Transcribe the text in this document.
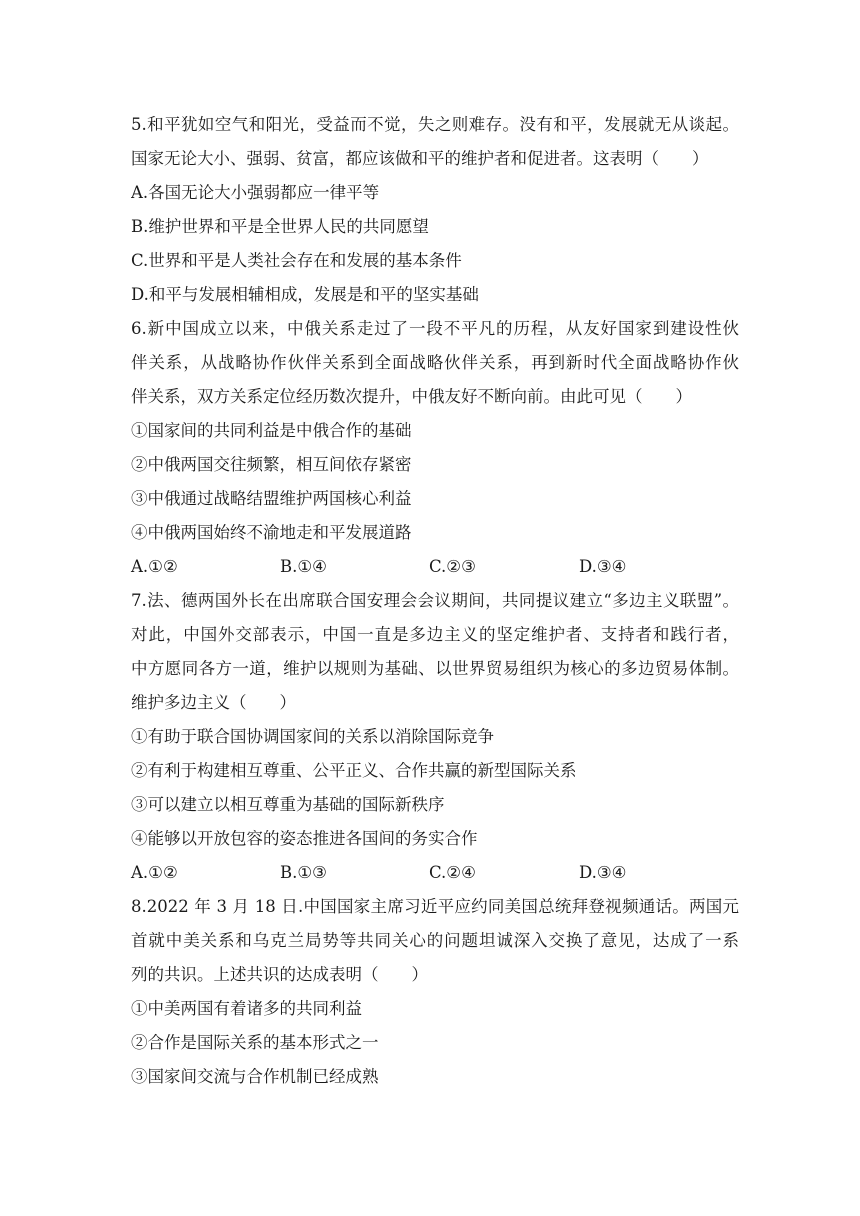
5.和平犹如空气和阳光，受益而不觉，失之则难存。没有和平，发展就无从谈起。
国家无论大小、强弱、贫富，都应该做和平的维护者和促进者。这表明（　　）
A.各国无论大小强弱都应一律平等
B.维护世界和平是全世界人民的共同愿望
C.世界和平是人类社会存在和发展的基本条件
D.和平与发展相辅相成，发展是和平的坚实基础
6.新中国成立以来，中俄关系走过了一段不平凡的历程，从友好国家到建设性伙
伴关系，从战略协作伙伴关系到全面战略伙伴关系，再到新时代全面战略协作伙
伴关系，双方关系定位经历数次提升，中俄友好不断向前。由此可见（　　）
①国家间的共同利益是中俄合作的基础
②中俄两国交往频繁，相互间依存紧密
③中俄通过战略结盟维护两国核心利益
④中俄两国始终不渝地走和平发展道路
A.①②	B.①④	C.②③	D.③④
7.法、德两国外长在出席联合国安理会会议期间，共同提议建立“多边主义联盟”。
对此，中国外交部表示，中国一直是多边主义的坚定维护者、支持者和践行者，
中方愿同各方一道，维护以规则为基础、以世界贸易组织为核心的多边贸易体制。
维护多边主义（　　）
①有助于联合国协调国家间的关系以消除国际竞争
②有利于构建相互尊重、公平正义、合作共赢的新型国际关系
③可以建立以相互尊重为基础的国际新秩序
④能够以开放包容的姿态推进各国间的务实合作
A.①②	B.①③	C.②④	D.③④
8.2022 年 3 月 18 日.中国国家主席习近平应约同美国总统拜登视频通话。两国元
首就中美关系和乌克兰局势等共同关心的问题坦诚深入交换了意见，达成了一系
列的共识。上述共识的达成表明（　　）
①中美两国有着诸多的共同利益
②合作是国际关系的基本形式之一
③国家间交流与合作机制已经成熟
